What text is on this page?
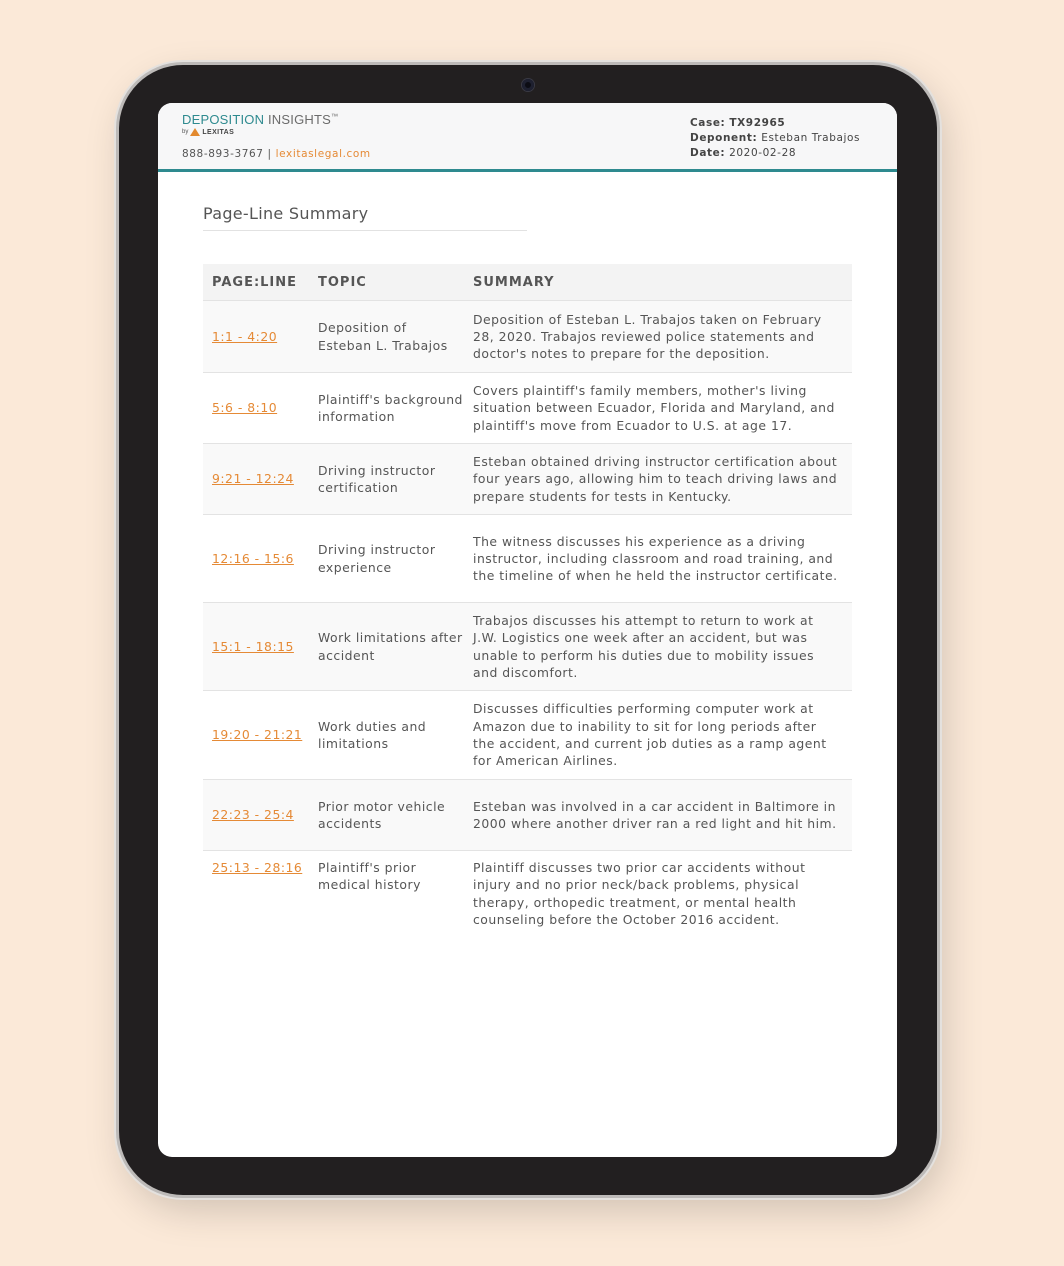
DEPOSITION INSIGHTS™
by LEXITAS
888-893-3767 | lexitaslegal.com
Case: TX92965
Deponent: Esteban Trabajos
Date: 2020-02-28
Page-Line Summary
PAGE:LINE	TOPIC	SUMMARY
1:1 - 4:20	Deposition of Esteban L. Trabajos	Deposition of Esteban L. Trabajos taken on February 28, 2020. Trabajos reviewed police statements and doctor's notes to prepare for the deposition.
5:6 - 8:10	Plaintiff's background information	Covers plaintiff's family members, mother's living situation between Ecuador, Florida and Maryland, and plaintiff's move from Ecuador to U.S. at age 17.
9:21 - 12:24	Driving instructor certification	Esteban obtained driving instructor certification about four years ago, allowing him to teach driving laws and prepare students for tests in Kentucky.
12:16 - 15:6	Driving instructor experience	The witness discusses his experience as a driving instructor, including classroom and road training, and the timeline of when he held the instructor certificate.
15:1 - 18:15	Work limitations after accident	Trabajos discusses his attempt to return to work at J.W. Logistics one week after an accident, but was unable to perform his duties due to mobility issues and discomfort.
19:20 - 21:21	Work duties and limitations	Discusses difficulties performing computer work at Amazon due to inability to sit for long periods after the accident, and current job duties as a ramp agent for American Airlines.
22:23 - 25:4	Prior motor vehicle accidents	Esteban was involved in a car accident in Baltimore in 2000 where another driver ran a red light and hit him.
25:13 - 28:16	Plaintiff's prior medical history	Plaintiff discusses two prior car accidents without injury and no prior neck/back problems, physical therapy, orthopedic treatment, or mental health counseling before the October 2016 accident.
